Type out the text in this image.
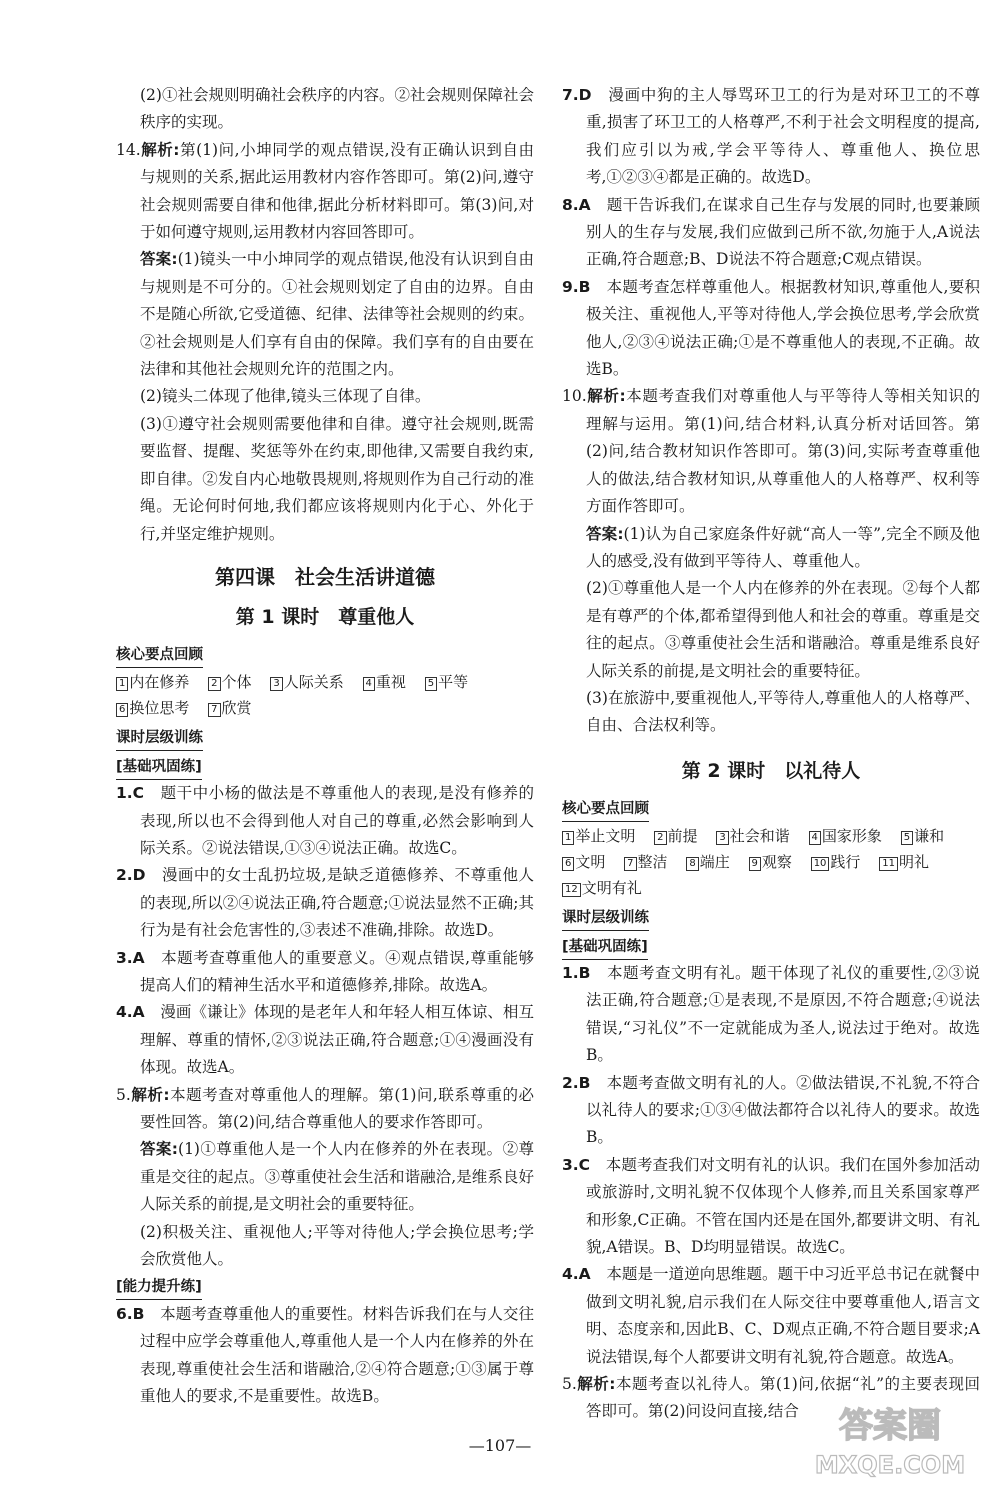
(2)①社会规则明确社会秩序的内容。②社会规则保障社会秩序的实现。

14.解析:第(1)问,小坤同学的观点错误,没有正确认识到自由与规则的关系,据此运用教材内容作答即可。第(2)问,遵守社会规则需要自律和他律,据此分析材料即可。第(3)问,对于如何遵守规则,运用教材内容回答即可。

答案:(1)镜头一中小坤同学的观点错误,他没有认识到自由与规则是不可分的。①社会规则划定了自由的边界。自由不是随心所欲,它受道德、纪律、法律等社会规则的约束。②社会规则是人们享有自由的保障。我们享有的自由要在法律和其他社会规则允许的范围之内。

(2)镜头二体现了他律,镜头三体现了自律。

(3)①遵守社会规则需要他律和自律。遵守社会规则,既需要监督、提醒、奖惩等外在约束,即他律,又需要自我约束,即自律。②发自内心地敬畏规则,将规则作为自己行动的准绳。无论何时何地,我们都应该将规则内化于心、外化于行,并坚定维护规则。

第四课　社会生活讲道德
第 1 课时　尊重他人
核心要点回顾
1 内在修养 2 个体 3 人际关系 4 重视 5 平等 6 换位思考 7 欣赏
课时层级训练
[基础巩固练]

1.C　 题干中小杨的做法是不尊重他人的表现,是没有修养的表现,所以也不会得到他人对自己的尊重,必然会影响到人际关系。②说法错误,①③④说法正确。故选C。

2.D　 漫画中的女士乱扔垃圾,是缺乏道德修养、不尊重他人的表现,所以②④说法正确,符合题意;①说法显然不正确;其行为是有社会危害性的,③表述不准确,排除。故选D。

3.A　 本题考查尊重他人的重要意义。④观点错误,尊重能够提高人们的精神生活水平和道德修养,排除。故选A。

4.A　 漫画《谦让》体现的是老年人和年轻人相互体谅、相互理解、尊重的情怀,②③说法正确,符合题意;①④漫画没有体现。故选A。

5.解析:本题考查对尊重他人的理解。第(1)问,联系尊重的必要性回答。第(2)问,结合尊重他人的要求作答即可。

答案:(1)①尊重他人是一个人内在修养的外在表现。②尊重是交往的起点。③尊重使社会生活和谐融洽,是维系良好人际关系的前提,是文明社会的重要特征。

(2)积极关注、重视他人;平等对待他人;学会换位思考;学会欣赏他人。

[能力提升练]

6.B　 本题考查尊重他人的重要性。材料告诉我们在与人交往过程中应学会尊重他人,尊重他人是一个人内在修养的外在表现,尊重使社会生活和谐融洽,②④符合题意;①③属于尊重他人的要求,不是重要性。故选B。

7.D　 漫画中狗的主人辱骂环卫工的行为是对环卫工的不尊重,损害了环卫工的人格尊严,不利于社会文明程度的提高,我们应引以为戒,学会平等待人、尊重他人、换位思考,①②③④都是正确的。故选D。

8.A　 题干告诉我们,在谋求自己生存与发展的同时,也要兼顾别人的生存与发展,我们应做到己所不欲,勿施于人,A说法正确,符合题意;B、D说法不符合题意;C观点错误。

9.B　 本题考查怎样尊重他人。根据教材知识,尊重他人,要积极关注、重视他人,平等对待他人,学会换位思考,学会欣赏他人,②③④说法正确;①是不尊重他人的表现,不正确。故选B。

10.解析:本题考查我们对尊重他人与平等待人等相关知识的理解与运用。第(1)问,结合材料,认真分析对话回答。第(2)问,结合教材知识作答即可。第(3)问,实际考查尊重他人的做法,结合教材知识,从尊重他人的人格尊严、权利等方面作答即可。

答案:(1)认为自己家庭条件好就“高人一等”,完全不顾及他人的感受,没有做到平等待人、尊重他人。

(2)①尊重他人是一个人内在修养的外在表现。②每个人都是有尊严的个体,都希望得到他人和社会的尊重。尊重是交往的起点。③尊重使社会生活和谐融洽。尊重是维系良好人际关系的前提,是文明社会的重要特征。

(3)在旅游中,要重视他人,平等待人,尊重他人的人格尊严、自由、合法权利等。

第 2 课时　以礼待人
核心要点回顾
1 举止文明 2 前提 3 社会和谐 4 国家形象 5 谦和 6 文明 7 整洁 8 端庄 9 观察 10 践行 11 明礼 12 文明有礼
课时层级训练
[基础巩固练]

1.B　 本题考查文明有礼。题干体现了礼仪的重要性,②③说法正确,符合题意;①是表现,不是原因,不符合题意;④说法错误,“习礼仪”不一定就能成为圣人,说法过于绝对。故选B。

2.B　 本题考查做文明有礼的人。②做法错误,不礼貌,不符合以礼待人的要求;①③④做法都符合以礼待人的要求。故选B。

3.C　 本题考查我们对文明有礼的认识。我们在国外参加活动或旅游时,文明礼貌不仅体现个人修养,而且关系国家尊严和形象,C正确。不管在国内还是在国外,都要讲文明、有礼貌,A错误。B、D均明显错误。故选C。

4.A　 本题是一道逆向思维题。题干中习近平总书记在就餐中做到文明礼貌,启示我们在人际交往中要尊重他人,语言文明、态度亲和,因此B、C、D观点正确,不符合题目要求;A说法错误,每个人都要讲文明有礼貌,符合题意。故选A。

5.解析:本题考查以礼待人。第(1)问,依据“礼”的主要表现回答即可。第(2)问设问直接,结合

—107—	答案圈
MXQE.COM
